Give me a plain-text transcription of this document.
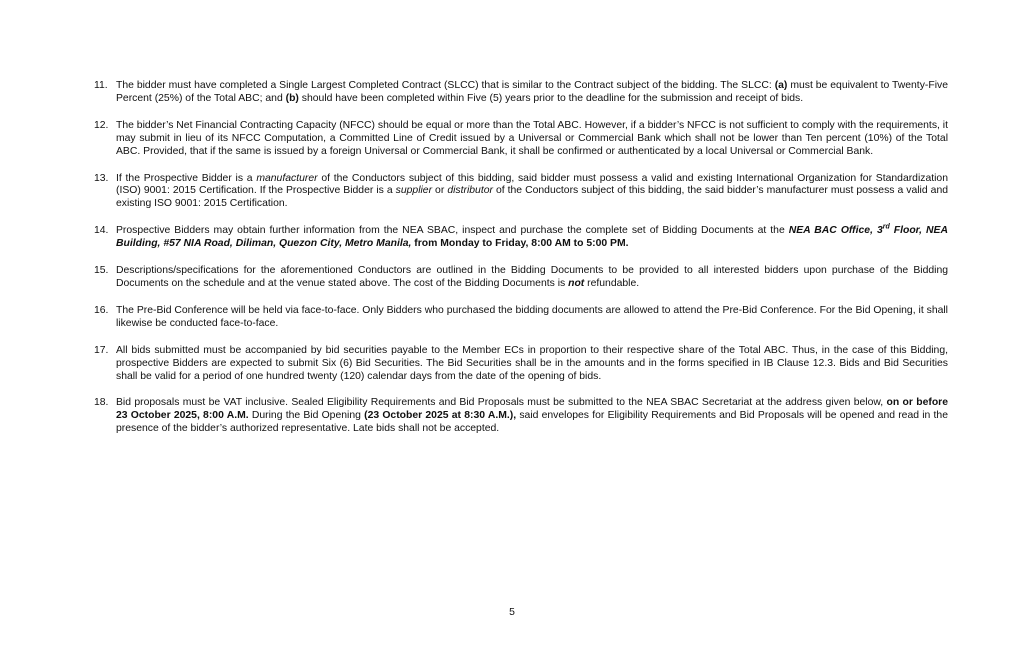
11. The bidder must have completed a Single Largest Completed Contract (SLCC) that is similar to the Contract subject of the bidding. The SLCC: (a) must be equivalent to Twenty-Five Percent (25%) of the Total ABC; and (b) should have been completed within Five (5) years prior to the deadline for the submission and receipt of bids.
12. The bidder’s Net Financial Contracting Capacity (NFCC) should be equal or more than the Total ABC. However, if a bidder’s NFCC is not sufficient to comply with the requirements, it may submit in lieu of its NFCC Computation, a Committed Line of Credit issued by a Universal or Commercial Bank which shall not be lower than Ten percent (10%) of the Total ABC. Provided, that if the same is issued by a foreign Universal or Commercial Bank, it shall be confirmed or authenticated by a local Universal or Commercial Bank.
13. If the Prospective Bidder is a manufacturer of the Conductors subject of this bidding, said bidder must possess a valid and existing International Organization for Standardization (ISO) 9001: 2015 Certification. If the Prospective Bidder is a supplier or distributor of the Conductors subject of this bidding, the said bidder’s manufacturer must possess a valid and existing ISO 9001: 2015 Certification.
14. Prospective Bidders may obtain further information from the NEA SBAC, inspect and purchase the complete set of Bidding Documents at the NEA BAC Office, 3rd Floor, NEA Building, #57 NIA Road, Diliman, Quezon City, Metro Manila, from Monday to Friday, 8:00 AM to 5:00 PM.
15. Descriptions/specifications for the aforementioned Conductors are outlined in the Bidding Documents to be provided to all interested bidders upon purchase of the Bidding Documents on the schedule and at the venue stated above. The cost of the Bidding Documents is not refundable.
16. The Pre-Bid Conference will be held via face-to-face. Only Bidders who purchased the bidding documents are allowed to attend the Pre-Bid Conference. For the Bid Opening, it shall likewise be conducted face-to-face.
17. All bids submitted must be accompanied by bid securities payable to the Member ECs in proportion to their respective share of the Total ABC. Thus, in the case of this Bidding, prospective Bidders are expected to submit Six (6) Bid Securities. The Bid Securities shall be in the amounts and in the forms specified in IB Clause 12.3. Bids and Bid Securities shall be valid for a period of one hundred twenty (120) calendar days from the date of the opening of bids.
18. Bid proposals must be VAT inclusive. Sealed Eligibility Requirements and Bid Proposals must be submitted to the NEA SBAC Secretariat at the address given below, on or before 23 October 2025, 8:00 A.M. During the Bid Opening (23 October 2025 at 8:30 A.M.), said envelopes for Eligibility Requirements and Bid Proposals will be opened and read in the presence of the bidder’s authorized representative. Late bids shall not be accepted.
5
